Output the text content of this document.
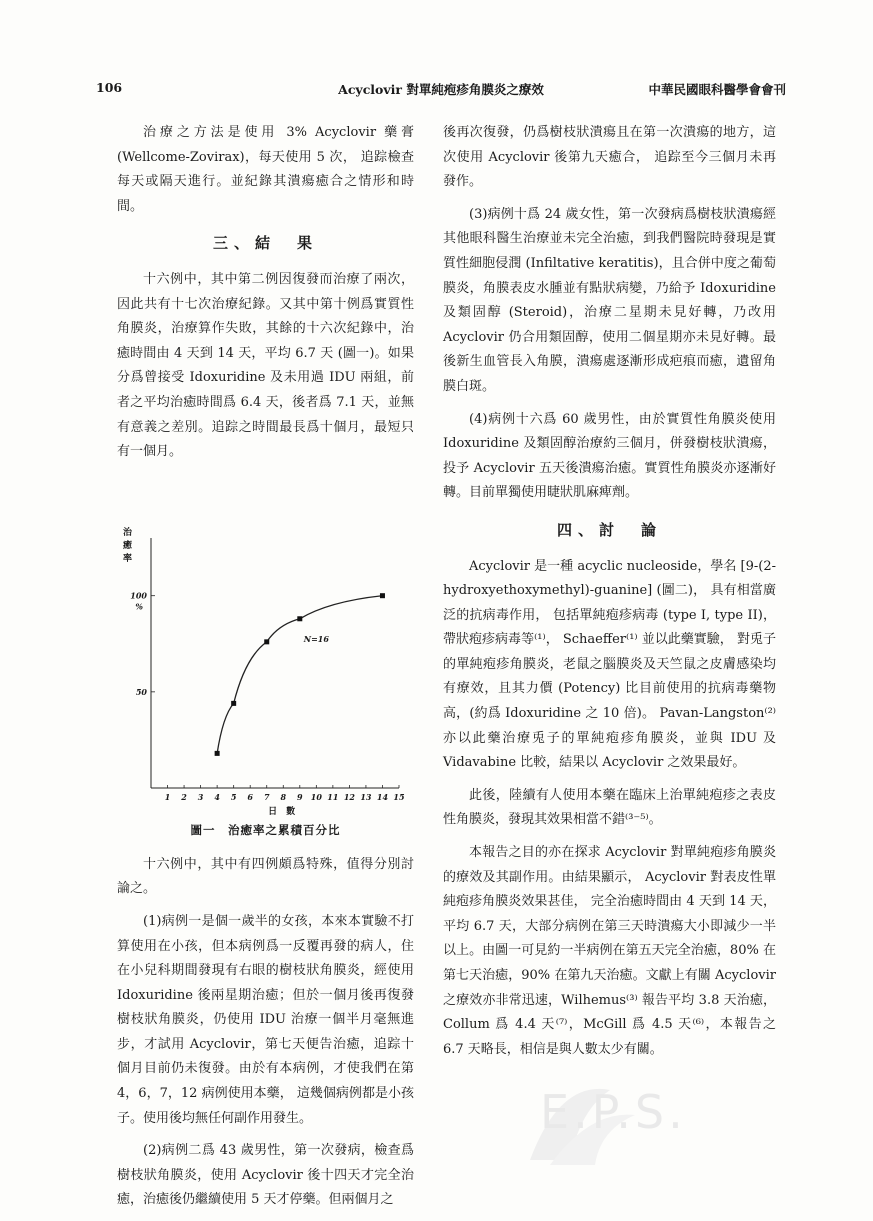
106	Acyclovir 對單純疱疹角膜炎之療效	中華民國眼科醫學會會刊

治療之方法是使用 3% Acyclovir 藥膏 (Wellcome-Zovirax)，每天使用 5 次， 追踪檢查每天或隔天進行。並紀錄其潰瘍癒合之情形和時間。

三、結　果

十六例中，其中第二例因復發而治療了兩次，因此共有十七次治療紀錄。又其中第十例爲實質性角膜炎，治療算作失敗，其餘的十六次紀錄中，治癒時間由 4 天到 14 天，平均 6.7 天 (圖一)。如果分爲曾接受 Idoxuridine 及未用過 IDU 兩組，前者之平均治癒時間爲 6.4 天，後者爲 7.1 天，並無有意義之差別。追踪之時間最長爲十個月，最短只有一個月。

治
癒
率
1 2 3 4 5 6 7 8 9 10 11 12 13 14 15
50
100
%
日　數
N=16
圖一　治癒率之累積百分比

十六例中，其中有四例頗爲特殊，值得分別討論之。

(1)病例一是個一歲半的女孩，本來本實驗不打算使用在小孩，但本病例爲一反覆再發的病人，住在小兒科期間發現有右眼的樹枝狀角膜炎，經使用 Idoxuridine 後兩星期治癒；但於一個月後再復發樹枝狀角膜炎，仍使用 IDU 治療一個半月毫無進步，才試用 Acyclovir，第七天便告治癒，追踪十個月目前仍未復發。由於有本病例，才使我們在第 4，6，7，12 病例使用本藥， 這幾個病例都是小孩子。使用後均無任何副作用發生。

(2)病例二爲 43 歲男性，第一次發病，檢查爲樹枝狀角膜炎，使用 Acyclovir 後十四天才完全治癒，治癒後仍繼續使用 5 天才停藥。但兩個月之

後再次復發，仍爲樹枝狀潰瘍且在第一次潰瘍的地方，這次使用 Acyclovir 後第九天癒合， 追踪至今三個月未再發作。

(3)病例十爲 24 歲女性，第一次發病爲樹枝狀潰瘍經其他眼科醫生治療並未完全治癒，到我們醫院時發現是實質性細胞侵潤 (Infiltative keratitis)，且合併中度之葡萄膜炎，角膜表皮水腫並有點狀病變，乃給予 Idoxuridine 及類固醇 (Steroid)，治療二星期未見好轉，乃改用 Acyclovir 仍合用類固醇，使用二個星期亦未見好轉。最後新生血管長入角膜，潰瘍處逐漸形成疤痕而癒，遺留角膜白斑。

(4)病例十六爲 60 歲男性，由於實質性角膜炎使用 Idoxuridine 及類固醇治療約三個月，併發樹枝狀潰瘍，投予 Acyclovir 五天後潰瘍治癒。實質性角膜炎亦逐漸好轉。目前單獨使用睫狀肌麻痺劑。

四、討　論

Acyclovir 是一種 acyclic nucleoside，學名 [9-(2-hydroxyethoxymethyl)-guanine] (圖二)， 具有相當廣泛的抗病毒作用， 包括單純疱疹病毒 (type I, type II)， 帶狀疱疹病毒等⁽¹⁾， Schaeffer⁽¹⁾ 並以此藥實驗， 對兎子的單純疱疹角膜炎，老鼠之腦膜炎及天竺鼠之皮膚感染均有療效，且其力價 (Potency) 比目前使用的抗病毒藥物高，(約爲 Idoxuridine 之 10 倍)。 Pavan-Langston⁽²⁾ 亦以此藥治療兎子的單純疱疹角膜炎，並與 IDU 及 Vidavabine 比較，結果以 Acyclovir 之效果最好。

此後，陸續有人使用本藥在臨床上治單純疱疹之表皮性角膜炎，發現其效果相當不錯⁽³⁻⁵⁾。

本報告之目的亦在探求 Acyclovir 對單純疱疹角膜炎的療效及其副作用。由結果顯示， Acyclovir 對表皮性單純疱疹角膜炎效果甚佳， 完全治癒時間由 4 天到 14 天，平均 6.7 天，大部分病例在第三天時潰瘍大小即減少一半以上。由圖一可見約一半病例在第五天完全治癒，80% 在第七天治癒，90% 在第九天治癒。文獻上有關 Acyclovir 之療效亦非常迅速，Wilhemus⁽³⁾ 報告平均 3.8 天治癒，Collum 爲 4.4 天⁽⁷⁾，McGill 爲 4.5 天⁽⁶⁾，本報告之 6.7 天略長，相信是與人數太少有關。

E.P.S.
